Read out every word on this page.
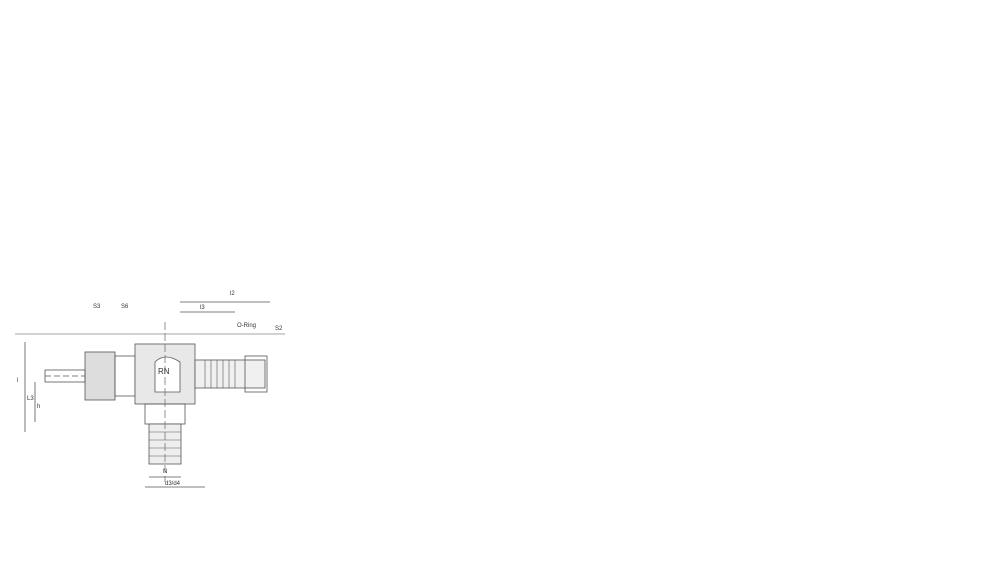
S3	S6
l2
l3
O-Ring	S2
RN
l
L3
h
N
d3/d4
